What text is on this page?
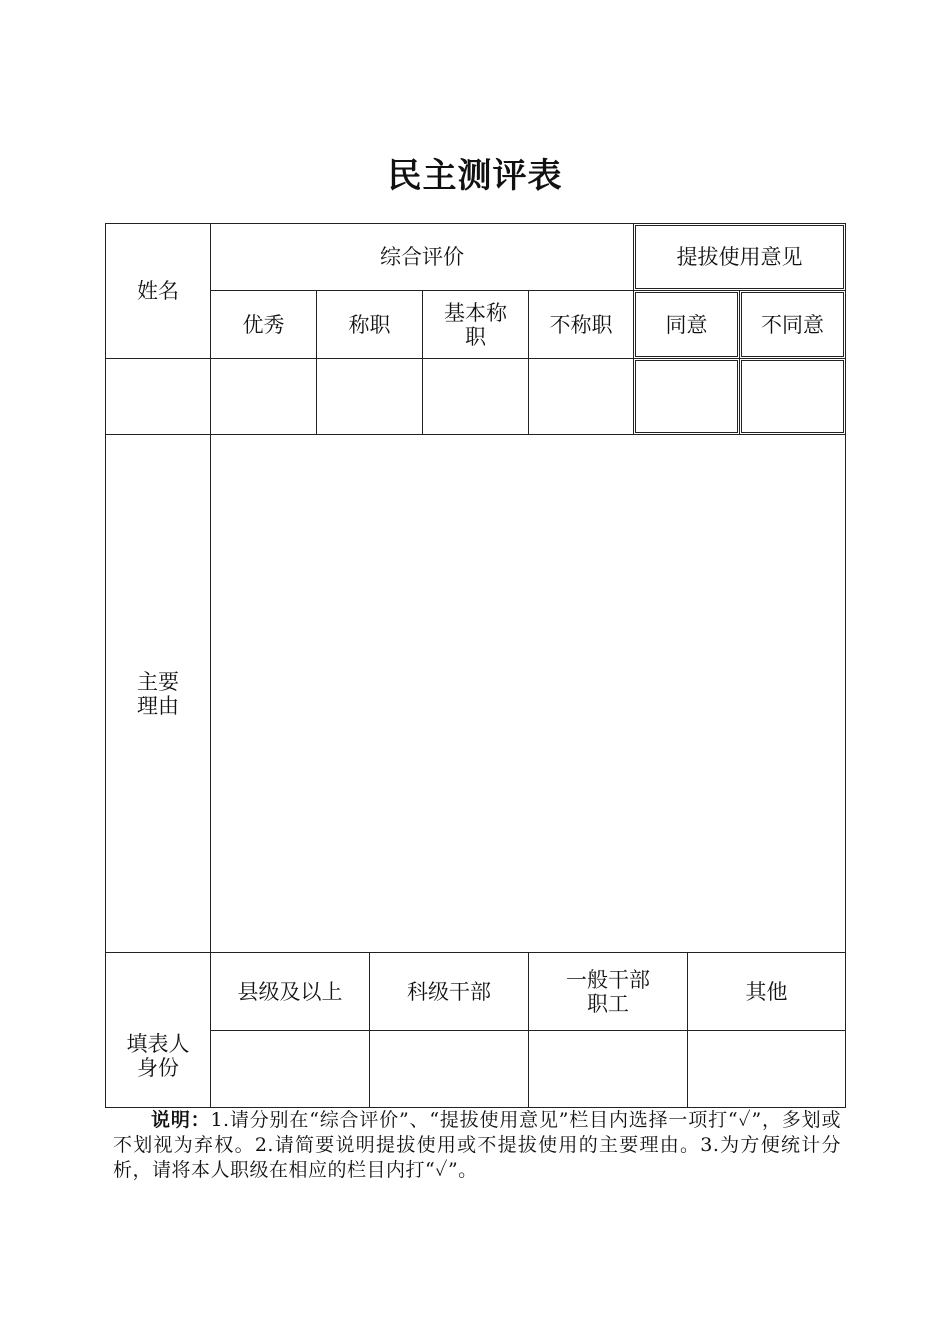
民主测评表
姓名
综合评价	提拔使用意见
优秀	称职	基本称职	不称职	同意	不同意
主要理由
填表人身份
县级及以上	科级干部	一般干部职工	其他
说明：1.请分别在“综合评价”、“提拔使用意见”栏目内选择一项打“✓”，多划或不划视为弃权。2.请简要说明提拔使用或不提拔使用的主要理由。3.为方便统计分析，请将本人职级在相应的栏目内打“✓”。
